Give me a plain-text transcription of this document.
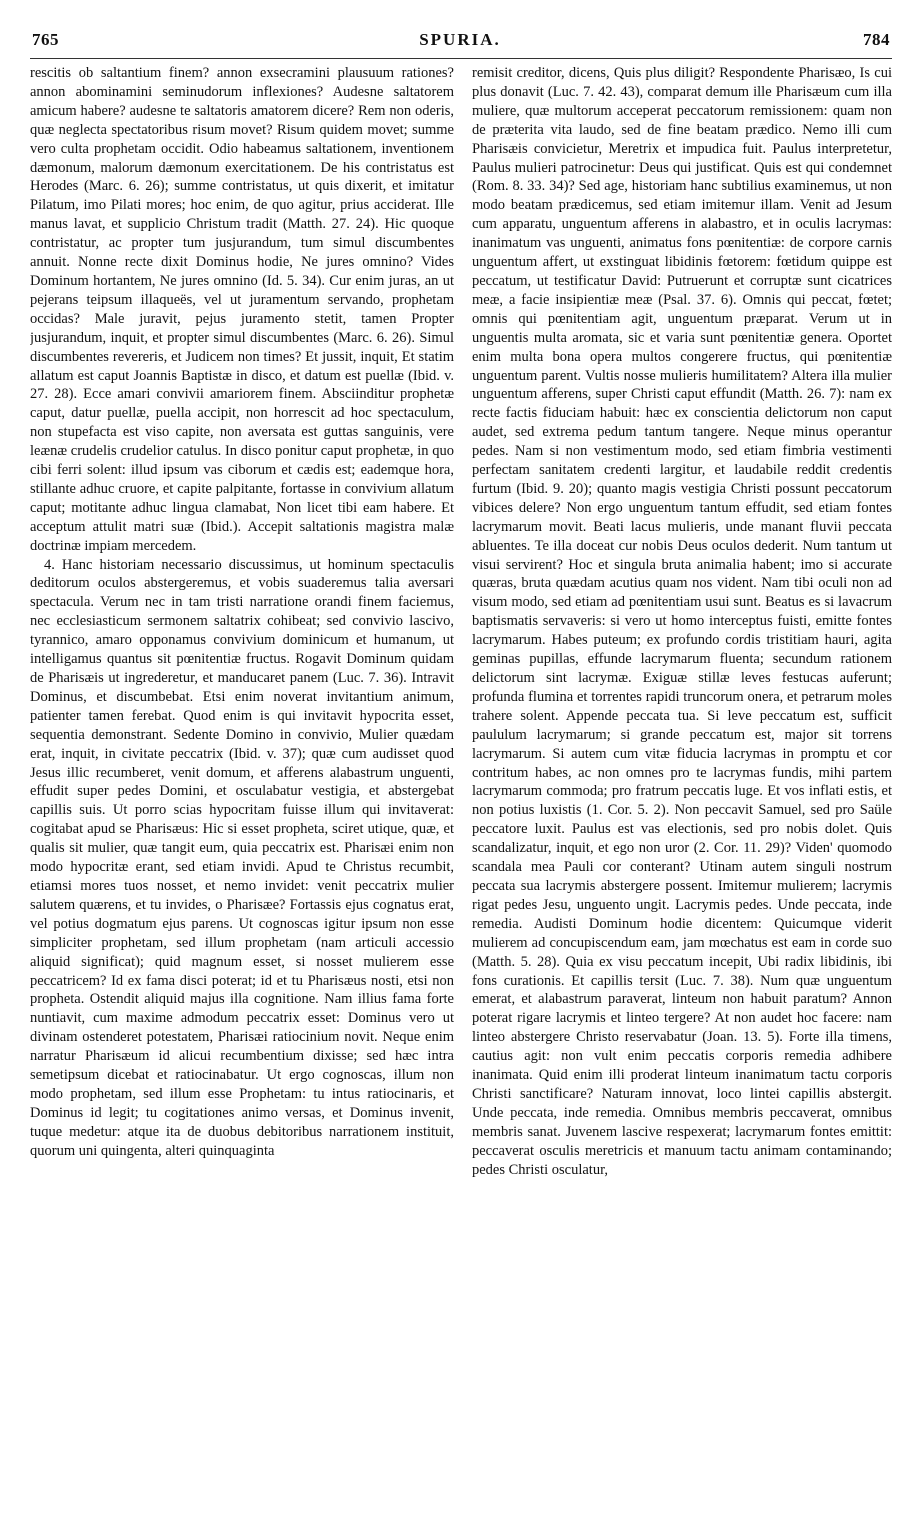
SPURIA.
765	784

rescitis ob saltantium finem? annon exsecramini plausuum rationes? annon abominamini seminudorum inflexiones? Audesne saltatorem amicum habere? audesne te saltatoris amatorem dicere? Rem non oderis, quæ neglecta spectatoribus risum movet? Risum quidem movet; summe vero culta prophetam occidit. Odio habeamus saltationem, inventionem dæmonum, malorum dæmonum exercitationem. De his contristatus est Herodes (Marc. 6. 26); summe contristatus, ut quis dixerit, et imitatur Pilatum, imo Pilati mores; hoc enim, de quo agitur, prius acciderat. Ille manus lavat, et supplicio Christum tradit (Matth. 27. 24). Hic quoque contristatur, ac propter tum jusjurandum, tum simul discumbentes annuit. Nonne recte dixit Dominus hodie, Ne jures omnino? Vides Dominum hortantem, Ne jures omnino (Id. 5. 34). Cur enim juras, an ut pejerans teipsum illaqueës, vel ut juramentum servando, prophetam occidas? Male juravit, pejus juramento stetit, tamen Propter jusjurandum, inquit, et propter simul discumbentes (Marc. 6. 26). Simul discumbentes revereris, et Judicem non times? Et jussit, inquit, Et statim allatum est caput Joannis Baptistæ in disco, et datum est puellæ (Ibid. v. 27. 28). Ecce amari convivii amariorem finem. Absciinditur prophetæ caput, datur puellæ, puella accipit, non horrescit ad hoc spectaculum, non stupefacta est viso capite, non aversata est guttas sanguinis, vere leænæ crudelis crudelior catulus. In disco ponitur caput prophetæ, in quo cibi ferri solent: illud ipsum vas ciborum et cædis est; eademque hora, stillante adhuc cruore, et capite palpitante, fortasse in convivium allatum caput; motitante adhuc lingua clamabat, Non licet tibi eam habere. Et acceptum attulit matri suæ (Ibid.). Accepit saltationis magistra malæ doctrinæ impiam mercedem.

4. Hanc historiam necessario discussimus, ut hominum spectaculis deditorum oculos abstergeremus, et vobis suaderemus talia aversari spectacula. Verum nec in tam tristi narratione orandi finem faciemus, nec ecclesiasticum sermonem saltatrix cohibeat; sed convivio lascivo, tyrannico, amaro opponamus convivium dominicum et humanum, ut intelligamus quantus sit pœnitentiæ fructus. Rogavit Dominum quidam de Pharisæis ut ingrederetur, et manducaret panem (Luc. 7. 36). Intravit Dominus, et discumbebat. Etsi enim noverat invitantium animum, patienter tamen ferebat. Quod enim is qui invitavit hypocrita esset, sequentia demonstrant. Sedente Domino in convivio, Mulier quædam erat, inquit, in civitate peccatrix (Ibid. v. 37); quæ cum audisset quod Jesus illic recumberet, venit domum, et afferens alabastrum unguenti, effudit super pedes Domini, et osculabatur vestigia, et abstergebat capillis suis. Ut porro scias hypocritam fuisse illum qui invitaverat: cogitabat apud se Pharisæus: Hic si esset propheta, sciret utique, quæ, et qualis sit mulier, quæ tangit eum, quia peccatrix est. Pharisæi enim non modo hypocritæ erant, sed etiam invidi. Apud te Christus recumbit, etiamsi mores tuos nosset, et nemo invidet: venit peccatrix mulier salutem quærens, et tu invides, o Pharisæe? Fortassis ejus cognatus erat, vel potius dogmatum ejus parens. Ut cognoscas igitur ipsum non esse simpliciter prophetam, sed illum prophetam (nam articuli accessio aliquid significat); quid magnum esset, si nosset mulierem esse peccatricem? Id ex fama disci poterat; id et tu Pharisæus nosti, etsi non propheta. Ostendit aliquid majus illa cognitione. Nam illius fama forte nuntiavit, cum maxime admodum peccatrix esset: Dominus vero ut divinam ostenderet potestatem, Pharisæi ratiocinium novit. Neque enim narratur Pharisæum id alicui recumbentium dixisse; sed hæc intra semetipsum dicebat et ratiocinabatur. Ut ergo cognoscas, illum non modo prophetam, sed illum esse Prophetam: tu intus ratiocinaris, et Dominus id legit; tu cogitationes animo versas, et Dominus invenit, tuque medetur: atque ita de duobus debitoribus narrationem instituit, quorum uni quingenta, alteri quinquaginta

remisit creditor, dicens, Quis plus diligit? Respondente Pharisæo, Is cui plus donavit (Luc. 7. 42. 43), comparat demum ille Pharisæum cum illa muliere, quæ multorum acceperat peccatorum remissionem: quam non de præterita vita laudo, sed de fine beatam prædico. Nemo illi cum Pharisæis convicietur, Meretrix et impudica fuit. Paulus interpretetur, Paulus mulieri patrocinetur: Deus qui justificat. Quis est qui condemnet (Rom. 8. 33. 34)? Sed age, historiam hanc subtilius examinemus, ut non modo beatam prædicemus, sed etiam imitemur illam. Venit ad Jesum cum apparatu, unguentum afferens in alabastro, et in oculis lacrymas: inanimatum vas unguenti, animatus fons pœnitentiæ: de corpore carnis unguentum affert, ut exstinguat libidinis fœtorem: fœtidum quippe est peccatum, ut testificatur David: Putruerunt et corruptæ sunt cicatrices meæ, a facie insipientiæ meæ (Psal. 37. 6). Omnis qui peccat, fœtet; omnis qui pœnitentiam agit, unguentum præparat. Verum ut in unguentis multa aromata, sic et varia sunt pœnitentiæ genera. Oportet enim multa bona opera multos congerere fructus, qui pœnitentiæ unguentum parent. Vultis nosse mulieris humilitatem? Altera illa mulier unguentum afferens, super Christi caput effundit (Matth. 26. 7): nam ex recte factis fiduciam habuit: hæc ex conscientia delictorum non caput audet, sed extrema pedum tantum tangere. Neque minus operantur pedes. Nam si non vestimentum modo, sed etiam fimbria vestimenti perfectam sanitatem credenti largitur, et laudabile reddit credentis furtum (Ibid. 9. 20); quanto magis vestigia Christi possunt peccatorum vibices delere? Non ergo unguentum tantum effudit, sed etiam fontes lacrymarum movit. Beati lacus mulieris, unde manant fluvii peccata abluentes. Te illa doceat cur nobis Deus oculos dederit. Num tantum ut visui servirent? Hoc et singula bruta animalia habent; imo si accurate quæras, bruta quædam acutius quam nos vident. Nam tibi oculi non ad visum modo, sed etiam ad pœnitentiam usui sunt. Beatus es si lavacrum baptismatis servaveris: si vero ut homo interceptus fuisti, emitte fontes lacrymarum. Habes puteum; ex profundo cordis tristitiam hauri, agita geminas pupillas, effunde lacrymarum fluenta; secundum rationem delictorum sint lacrymæ. Exiguæ stillæ leves festucas auferunt; profunda flumina et torrentes rapidi truncorum onera, et petrarum moles trahere solent. Appende peccata tua. Si leve peccatum est, sufficit paululum lacrymarum; si grande peccatum est, major sit torrens lacrymarum. Si autem cum vitæ fiducia lacrymas in promptu et cor contritum habes, ac non omnes pro te lacrymas fundis, mihi partem lacrymarum commoda; pro fratrum peccatis luge. Et vos inflati estis, et non potius luxistis (1. Cor. 5. 2). Non peccavit Samuel, sed pro Saüle peccatore luxit. Paulus est vas electionis, sed pro nobis dolet. Quis scandalizatur, inquit, et ego non uror (2. Cor. 11. 29)? Viden' quomodo scandala mea Pauli cor conterant? Utinam autem singuli nostrum peccata sua lacrymis abstergere possent. Imitemur mulierem; lacrymis rigat pedes Jesu, unguento ungit. Lacrymis pedes. Unde peccata, inde remedia. Audisti Dominum hodie dicentem: Quicumque viderit mulierem ad concupiscendum eam, jam mœchatus est eam in corde suo (Matth. 5. 28). Quia ex visu peccatum incepit, Ubi radix libidinis, ibi fons curationis. Et capillis tersit (Luc. 7. 38). Num quæ unguentum emerat, et alabastrum paraverat, linteum non habuit paratum? Annon poterat rigare lacrymis et linteo tergere? At non audet hoc facere: nam linteo abstergere Christo reservabatur (Joan. 13. 5). Forte illa timens, cautius agit: non vult enim peccatis corporis remedia adhibere inanimata. Quid enim illi proderat linteum inanimatum tactu corporis Christi sanctificare? Naturam innovat, loco lintei capillis abstergit. Unde peccata, inde remedia. Omnibus membris peccaverat, omnibus membris sanat. Juvenem lascive respexerat; lacrymarum fontes emittit: peccaverat osculis meretricis et manuum tactu animam contaminando; pedes Christi osculatur,
